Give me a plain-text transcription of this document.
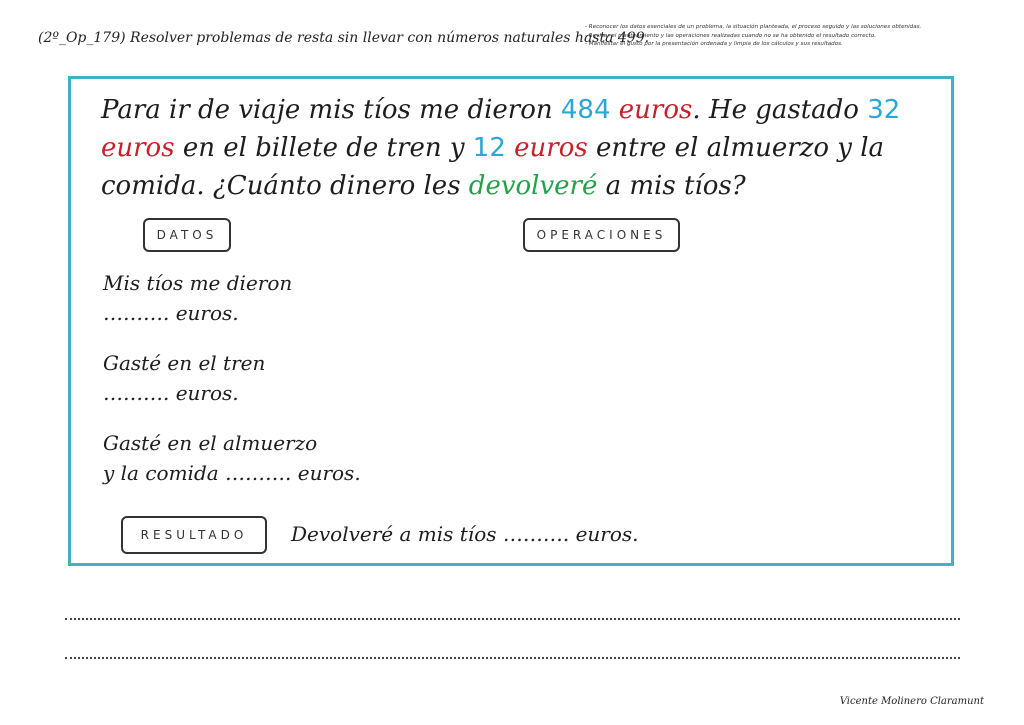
(2º_Op_179) Resolver problemas de resta sin llevar con números naturales hasta 499.
- Reconocer los datos esenciales de un problema, la situación planteada, el proceso seguido y las soluciones obtenidas.
- Revisar el planteamiento y las operaciones realizadas cuando no se ha obtenido el resultado correcto.
- Manifestar el gusto por la presentación ordenada y limpia de los cálculos y sus resultados.
Para ir de viaje mis tíos me dieron 484 euros. He gastado 32 euros en el billete de tren y 12 euros entre el almuerzo y la comida. ¿Cuánto dinero les devolveré a mis tíos?
DATOS	OPERACIONES
Mis tíos me dieron
………. euros.
Gasté en el tren
………. euros.
Gasté en el almuerzo
y la comida ………. euros.
RESULTADO	Devolveré a mis tíos ………. euros.
Vicente Molinero Claramunt
